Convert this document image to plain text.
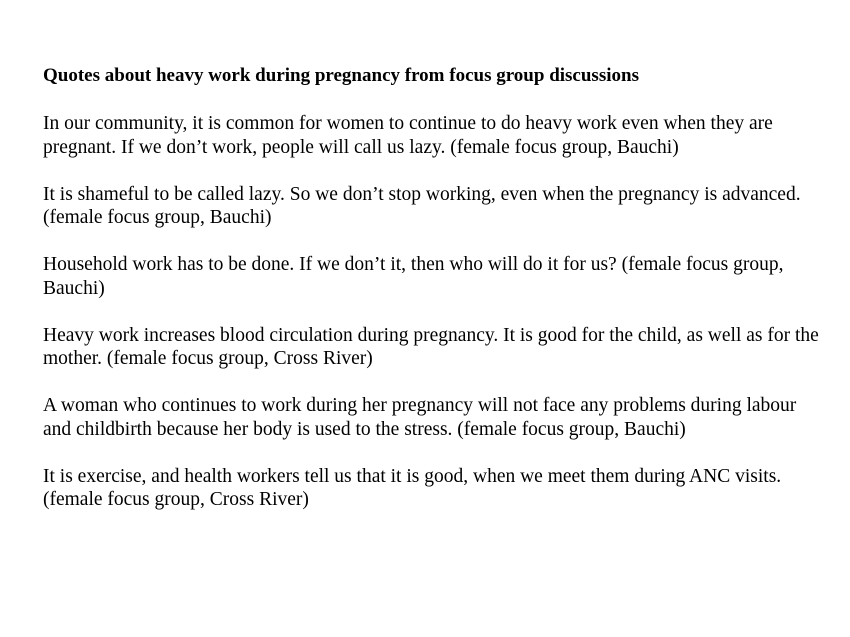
Quotes about heavy work during pregnancy from focus group discussions

In our community, it is common for women to continue to do heavy work even when they are pregnant. If we don’t work, people will call us lazy. (female focus group, Bauchi)

It is shameful to be called lazy. So we don’t stop working, even when the pregnancy is advanced. (female focus group, Bauchi)

Household work has to be done. If we don’t it, then who will do it for us? (female focus group, Bauchi)

Heavy work increases blood circulation during pregnancy. It is good for the child, as well as for the mother. (female focus group, Cross River)

A woman who continues to work during her pregnancy will not face any problems during labour and childbirth because her body is used to the stress. (female focus group, Bauchi)

It is exercise, and health workers tell us that it is good, when we meet them during ANC visits. (female focus group, Cross River)
